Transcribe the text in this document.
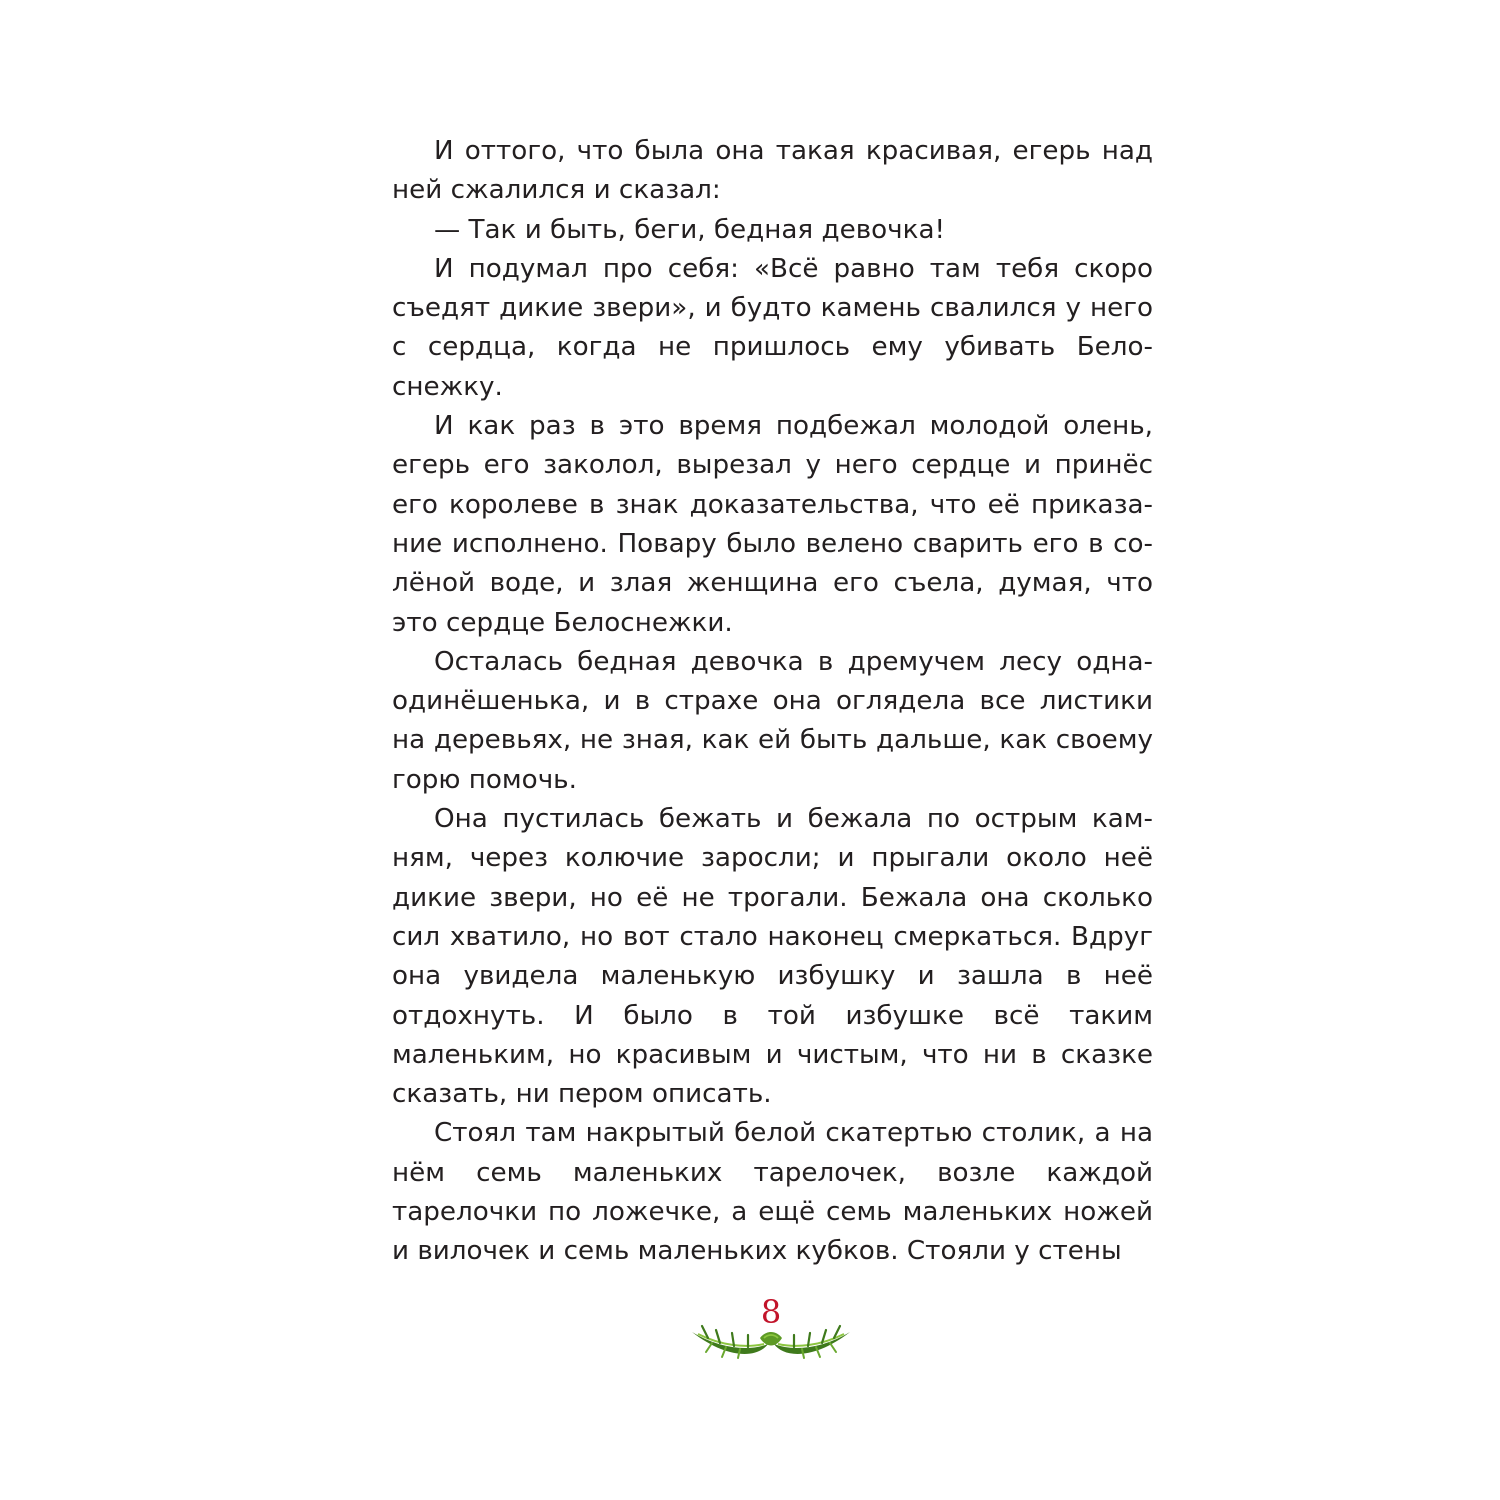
И оттого, что была она такая красивая, егерь над ней сжалился и сказал:

— Так и быть, беги, бедная девочка!

И подумал про себя: «Всё равно там тебя скоро съедят дикие звери», и будто камень свалился у него с сердца, когда не пришлось ему убивать Белоснежку.

И как раз в это время подбежал молодой олень, егерь его заколол, вырезал у него сердце и принёс его королеве в знак доказательства, что её приказание исполнено. Повару было велено сварить его в солёной воде, и злая женщина его съела, думая, что это сердце Белоснежки.

Осталась бедная девочка в дремучем лесу одна-одинёшенька, и в страхе она оглядела все листики на деревьях, не зная, как ей быть дальше, как своему горю помочь.

Она пустилась бежать и бежала по острым камням, через колючие заросли; и прыгали около неё дикие звери, но её не трогали. Бежала она сколько сил хватило, но вот стало наконец смеркаться. Вдруг она увидела маленькую избушку и зашла в неё отдохнуть. И было в той избушке всё таким маленьким, но красивым и чистым, что ни в сказке сказать, ни пером описать.

Стоял там накрытый белой скатертью столик, а на нём семь маленьких тарелочек, возле каждой тарелочки по ложечке, а ещё семь маленьких ножей и вилочек и семь маленьких кубков. Стояли у стены

8
